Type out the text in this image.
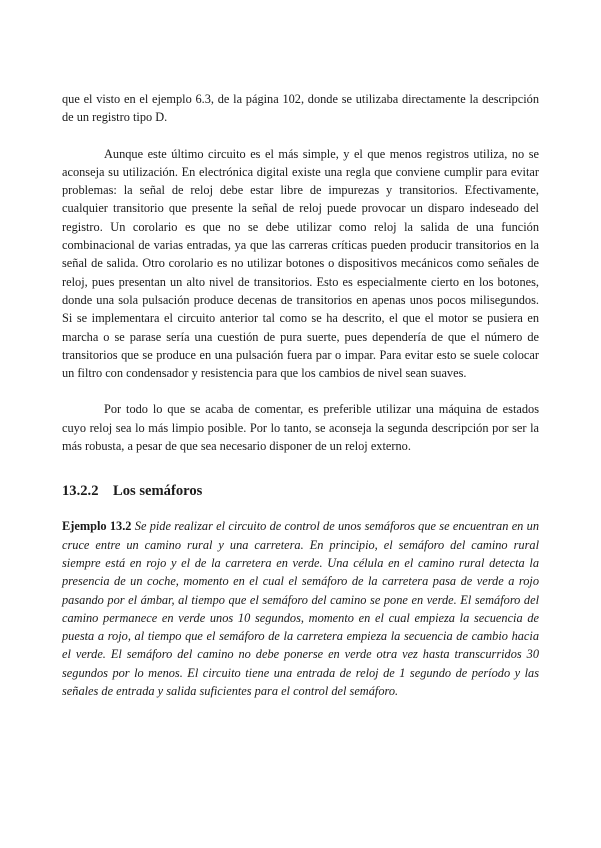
que el visto en el ejemplo 6.3, de la página 102, donde se utilizaba directamente la descripción de un registro tipo D.

Aunque este último circuito es el más simple, y el que menos registros utiliza, no se aconseja su utilización. En electrónica digital existe una regla que conviene cumplir para evitar problemas: la señal de reloj debe estar libre de impurezas y transitorios. Efectivamente, cualquier transitorio que presente la señal de reloj puede provocar un disparo indeseado del registro. Un corolario es que no se debe utilizar como reloj la salida de una función combinacional de varias entradas, ya que las carreras críticas pueden producir transitorios en la señal de salida. Otro corolario es no utilizar botones o dispositivos mecánicos como señales de reloj, pues presentan un alto nivel de transitorios. Esto es especialmente cierto en los botones, donde una sola pulsación produce decenas de transitorios en apenas unos pocos milisegundos. Si se implementara el circuito anterior tal como se ha descrito, el que el motor se pusiera en marcha o se parase sería una cuestión de pura suerte, pues dependería de que el número de transitorios que se produce en una pulsación fuera par o impar. Para evitar esto se suele colocar un filtro con condensador y resistencia para que los cambios de nivel sean suaves.

Por todo lo que se acaba de comentar, es preferible utilizar una máquina de estados cuyo reloj sea lo más limpio posible. Por lo tanto, se aconseja la segunda descripción por ser la más robusta, a pesar de que sea necesario disponer de un reloj externo.

13.2.2 Los semáforos

Ejemplo 13.2 Se pide realizar el circuito de control de unos semáforos que se encuentran en un cruce entre un camino rural y una carretera. En principio, el semáforo del camino rural siempre está en rojo y el de la carretera en verde. Una célula en el camino rural detecta la presencia de un coche, momento en el cual el semáforo de la carretera pasa de verde a rojo pasando por el ámbar, al tiempo que el semáforo del camino se pone en verde. El semáforo del camino permanece en verde unos 10 segundos, momento en el cual empieza la secuencia de puesta a rojo, al tiempo que el semáforo de la carretera empieza la secuencia de cambio hacia el verde. El semáforo del camino no debe ponerse en verde otra vez hasta transcurridos 30 segundos por lo menos. El circuito tiene una entrada de reloj de 1 segundo de período y las señales de entrada y salida suficientes para el control del semáforo.
